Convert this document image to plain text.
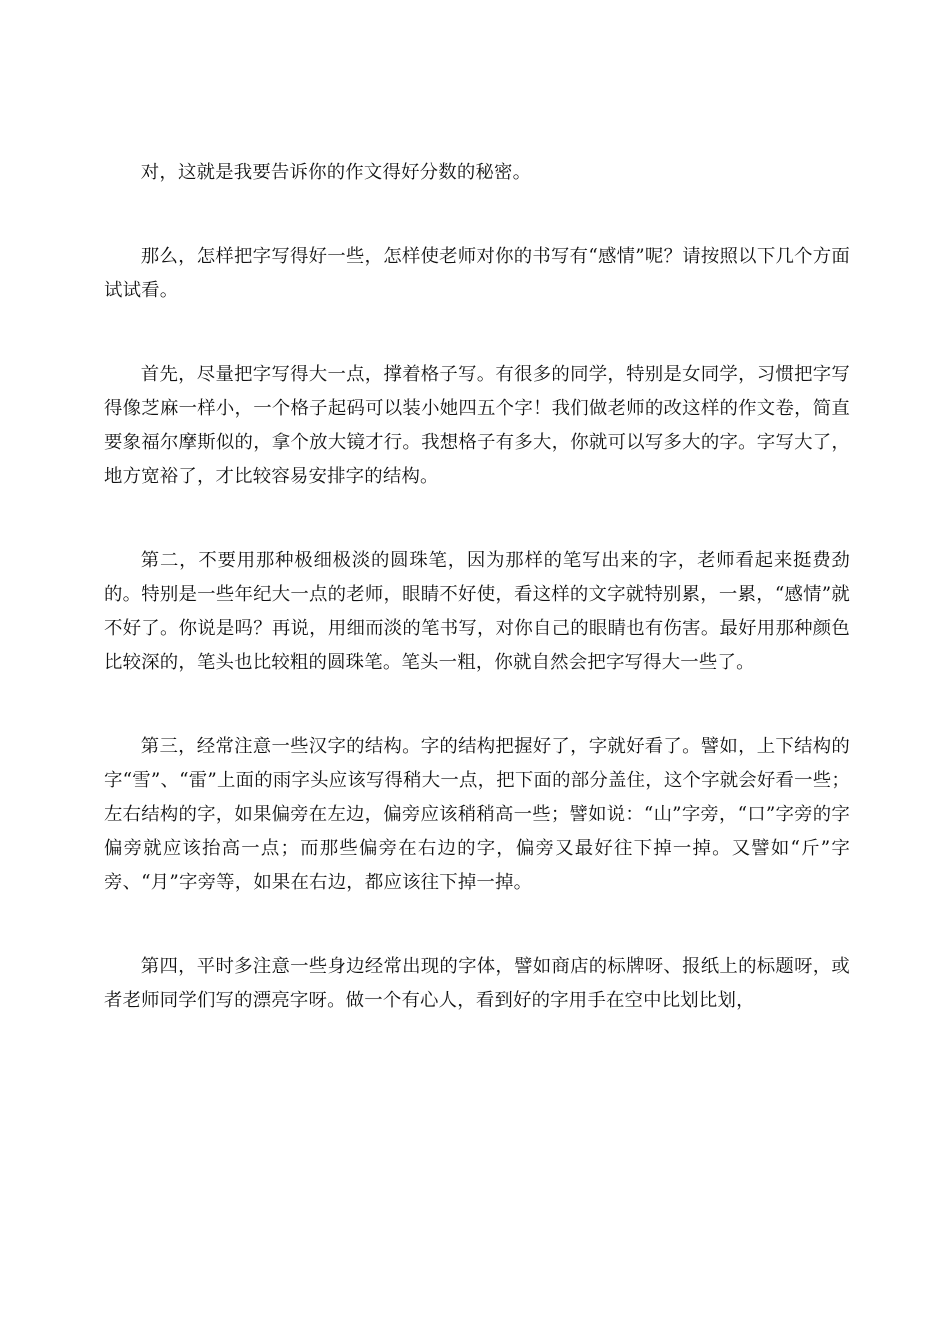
对，这就是我要告诉你的作文得好分数的秘密。

那么，怎样把字写得好一些，怎样使老师对你的书写有“感情”呢？请按照以下几个方面试试看。

首先，尽量把字写得大一点，撑着格子写。有很多的同学，特别是女同学，习惯把字写得像芝麻一样小，一个格子起码可以装小她四五个字！我们做老师的改这样的作文卷，简直要象福尔摩斯似的，拿个放大镜才行。我想格子有多大，你就可以写多大的字。字写大了，地方宽裕了，才比较容易安排字的结构。

第二，不要用那种极细极淡的圆珠笔，因为那样的笔写出来的字，老师看起来挺费劲的。特别是一些年纪大一点的老师，眼睛不好使，看这样的文字就特别累，一累，“感情”就不好了。你说是吗？再说，用细而淡的笔书写，对你自己的眼睛也有伤害。最好用那种颜色比较深的，笔头也比较粗的圆珠笔。笔头一粗，你就自然会把字写得大一些了。

第三，经常注意一些汉字的结构。字的结构把握好了，字就好看了。譬如，上下结构的字“雪”、“雷”上面的雨字头应该写得稍大一点，把下面的部分盖住，这个字就会好看一些；左右结构的字，如果偏旁在左边，偏旁应该稍稍高一些；譬如说：“山”字旁，“口”字旁的字偏旁就应该抬高一点；而那些偏旁在右边的字，偏旁又最好往下掉一掉。又譬如“斤”字旁、“月”字旁等，如果在右边，都应该往下掉一掉。

第四，平时多注意一些身边经常出现的字体，譬如商店的标牌呀、报纸上的标题呀，或者老师同学们写的漂亮字呀。做一个有心人，看到好的字用手在空中比划比划，
